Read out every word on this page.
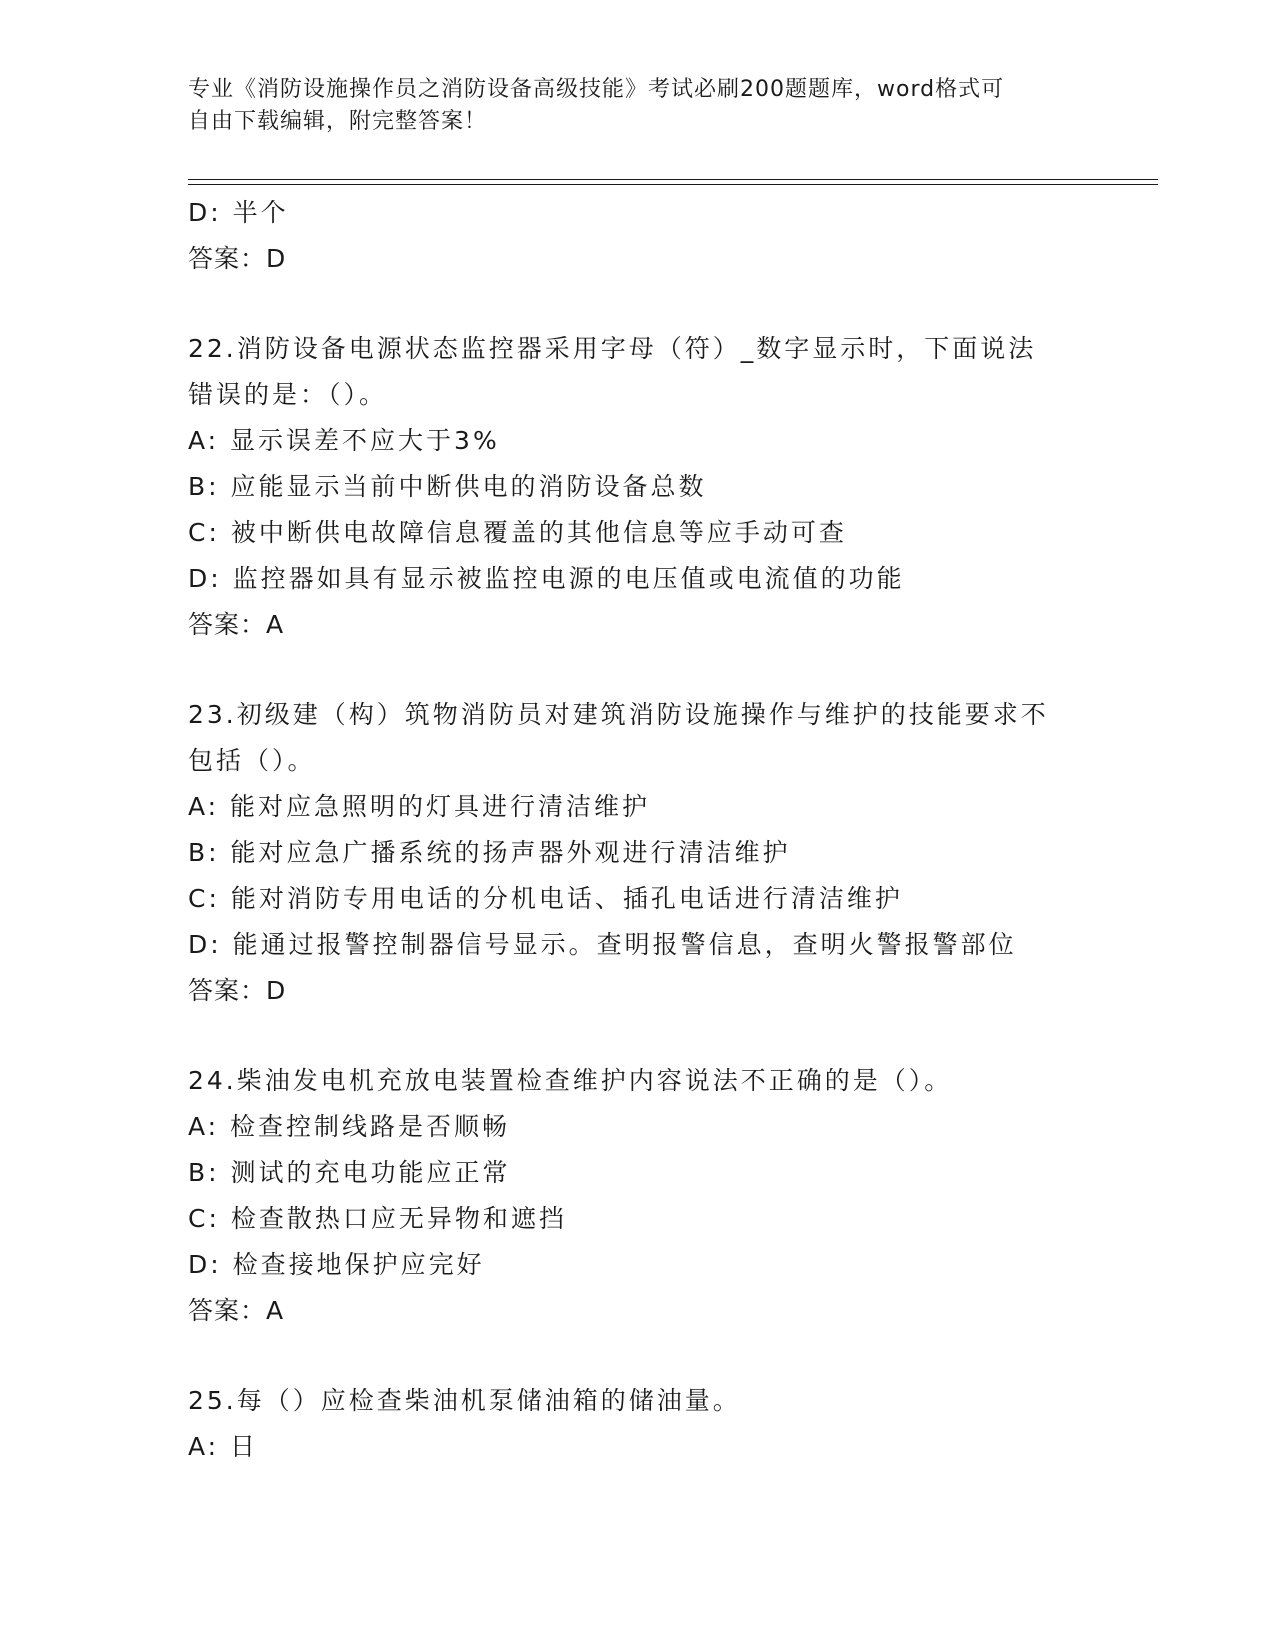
专业《消防设施操作员之消防设备高级技能》考试必刷200题题库，word格式可
自由下载编辑，附完整答案！
D: 半个
答案：D
22.消防设备电源状态监控器采用字母（符）_数字显示时，下面说法
错误的是：（）。
A: 显示误差不应大于3%
B: 应能显示当前中断供电的消防设备总数
C: 被中断供电故障信息覆盖的其他信息等应手动可查
D: 监控器如具有显示被监控电源的电压值或电流值的功能
答案：A
23.初级建（构）筑物消防员对建筑消防设施操作与维护的技能要求不
包括（）。
A: 能对应急照明的灯具进行清洁维护
B: 能对应急广播系统的扬声器外观进行清洁维护
C: 能对消防专用电话的分机电话、插孔电话进行清洁维护
D: 能通过报警控制器信号显示。查明报警信息，查明火警报警部位
答案：D
24.柴油发电机充放电装置检查维护内容说法不正确的是（）。
A: 检查控制线路是否顺畅
B: 测试的充电功能应正常
C: 检查散热口应无异物和遮挡
D: 检查接地保护应完好
答案：A
25.每（）应检查柴油机泵储油箱的储油量。
A: 日
